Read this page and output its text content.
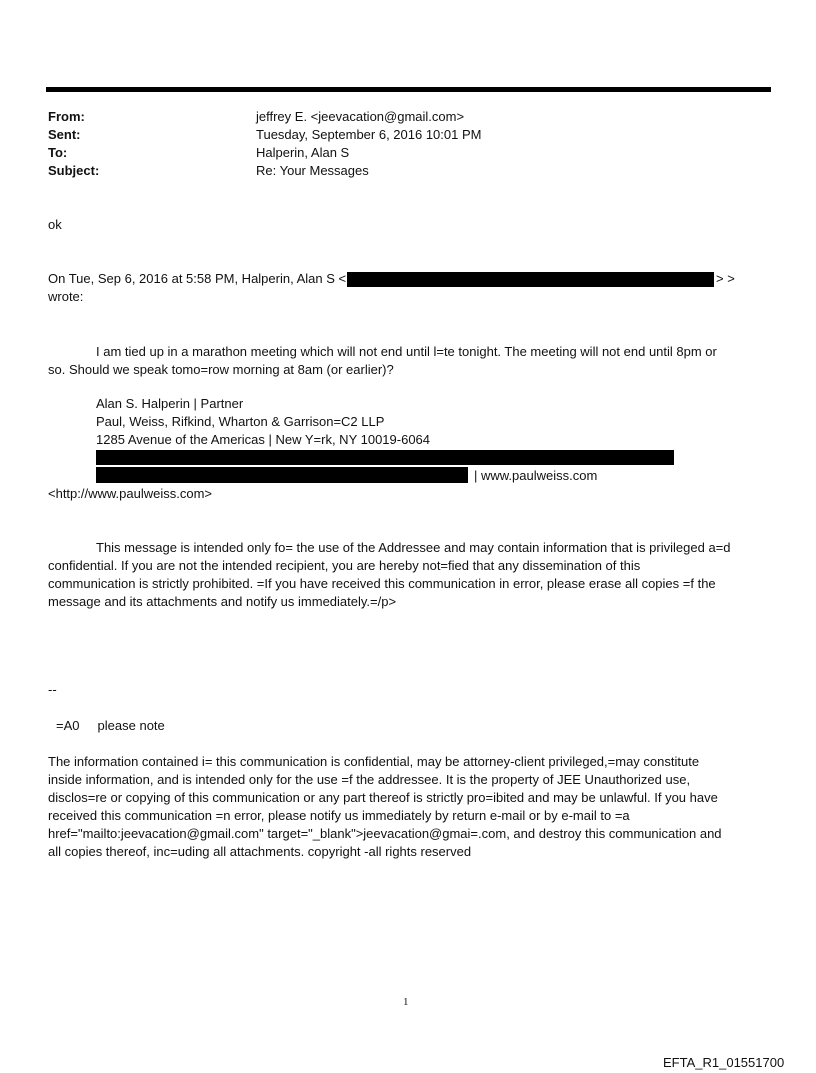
From:	jeffrey E. <jeevacation@gmail.com>
Sent:	Tuesday, September 6, 2016 10:01 PM
To:	Halperin, Alan S
Subject:	Re: Your Messages
ok
On Tue, Sep 6, 2016 at 5:58 PM, Halperin, Alan S <	> >
wrote:
I am tied up in a marathon meeting which will not end until l=te tonight. The meeting will not end until 8pm or
so. Should we speak tomo=row morning at 8am (or earlier)?
Alan S. Halperin | Partner
Paul, Weiss, Rifkind, Wharton & Garrison=C2 LLP
1285 Avenue of the Americas | New Y=rk, NY 10019-6064
| www.paulweiss.com
<http://www.paulweiss.com>
This message is intended only fo= the use of the Addressee and may contain information that is privileged a=d
confidential. If you are not the intended recipient, you are hereby not=fied that any dissemination of this
communication is strictly prohibited. =If you have received this communication in error, please erase all copies =f the
message and its attachments and notify us immediately.=/p>
--
=A0     please note
The information contained i= this communication is confidential, may be attorney-client privileged,=may constitute
inside information, and is intended only for the use =f the addressee. It is the property of JEE Unauthorized use,
disclos=re or copying of this communication or any part thereof is strictly pro=ibited and may be unlawful. If you have
received this communication =n error, please notify us immediately by return e-mail or by e-mail to =a
href="mailto:jeevacation@gmail.com" target="_blank">jeevacation@gmai=.com, and destroy this communication and
all copies thereof, inc=uding all attachments. copyright -all rights reserved
1
EFTA_R1_01551700
